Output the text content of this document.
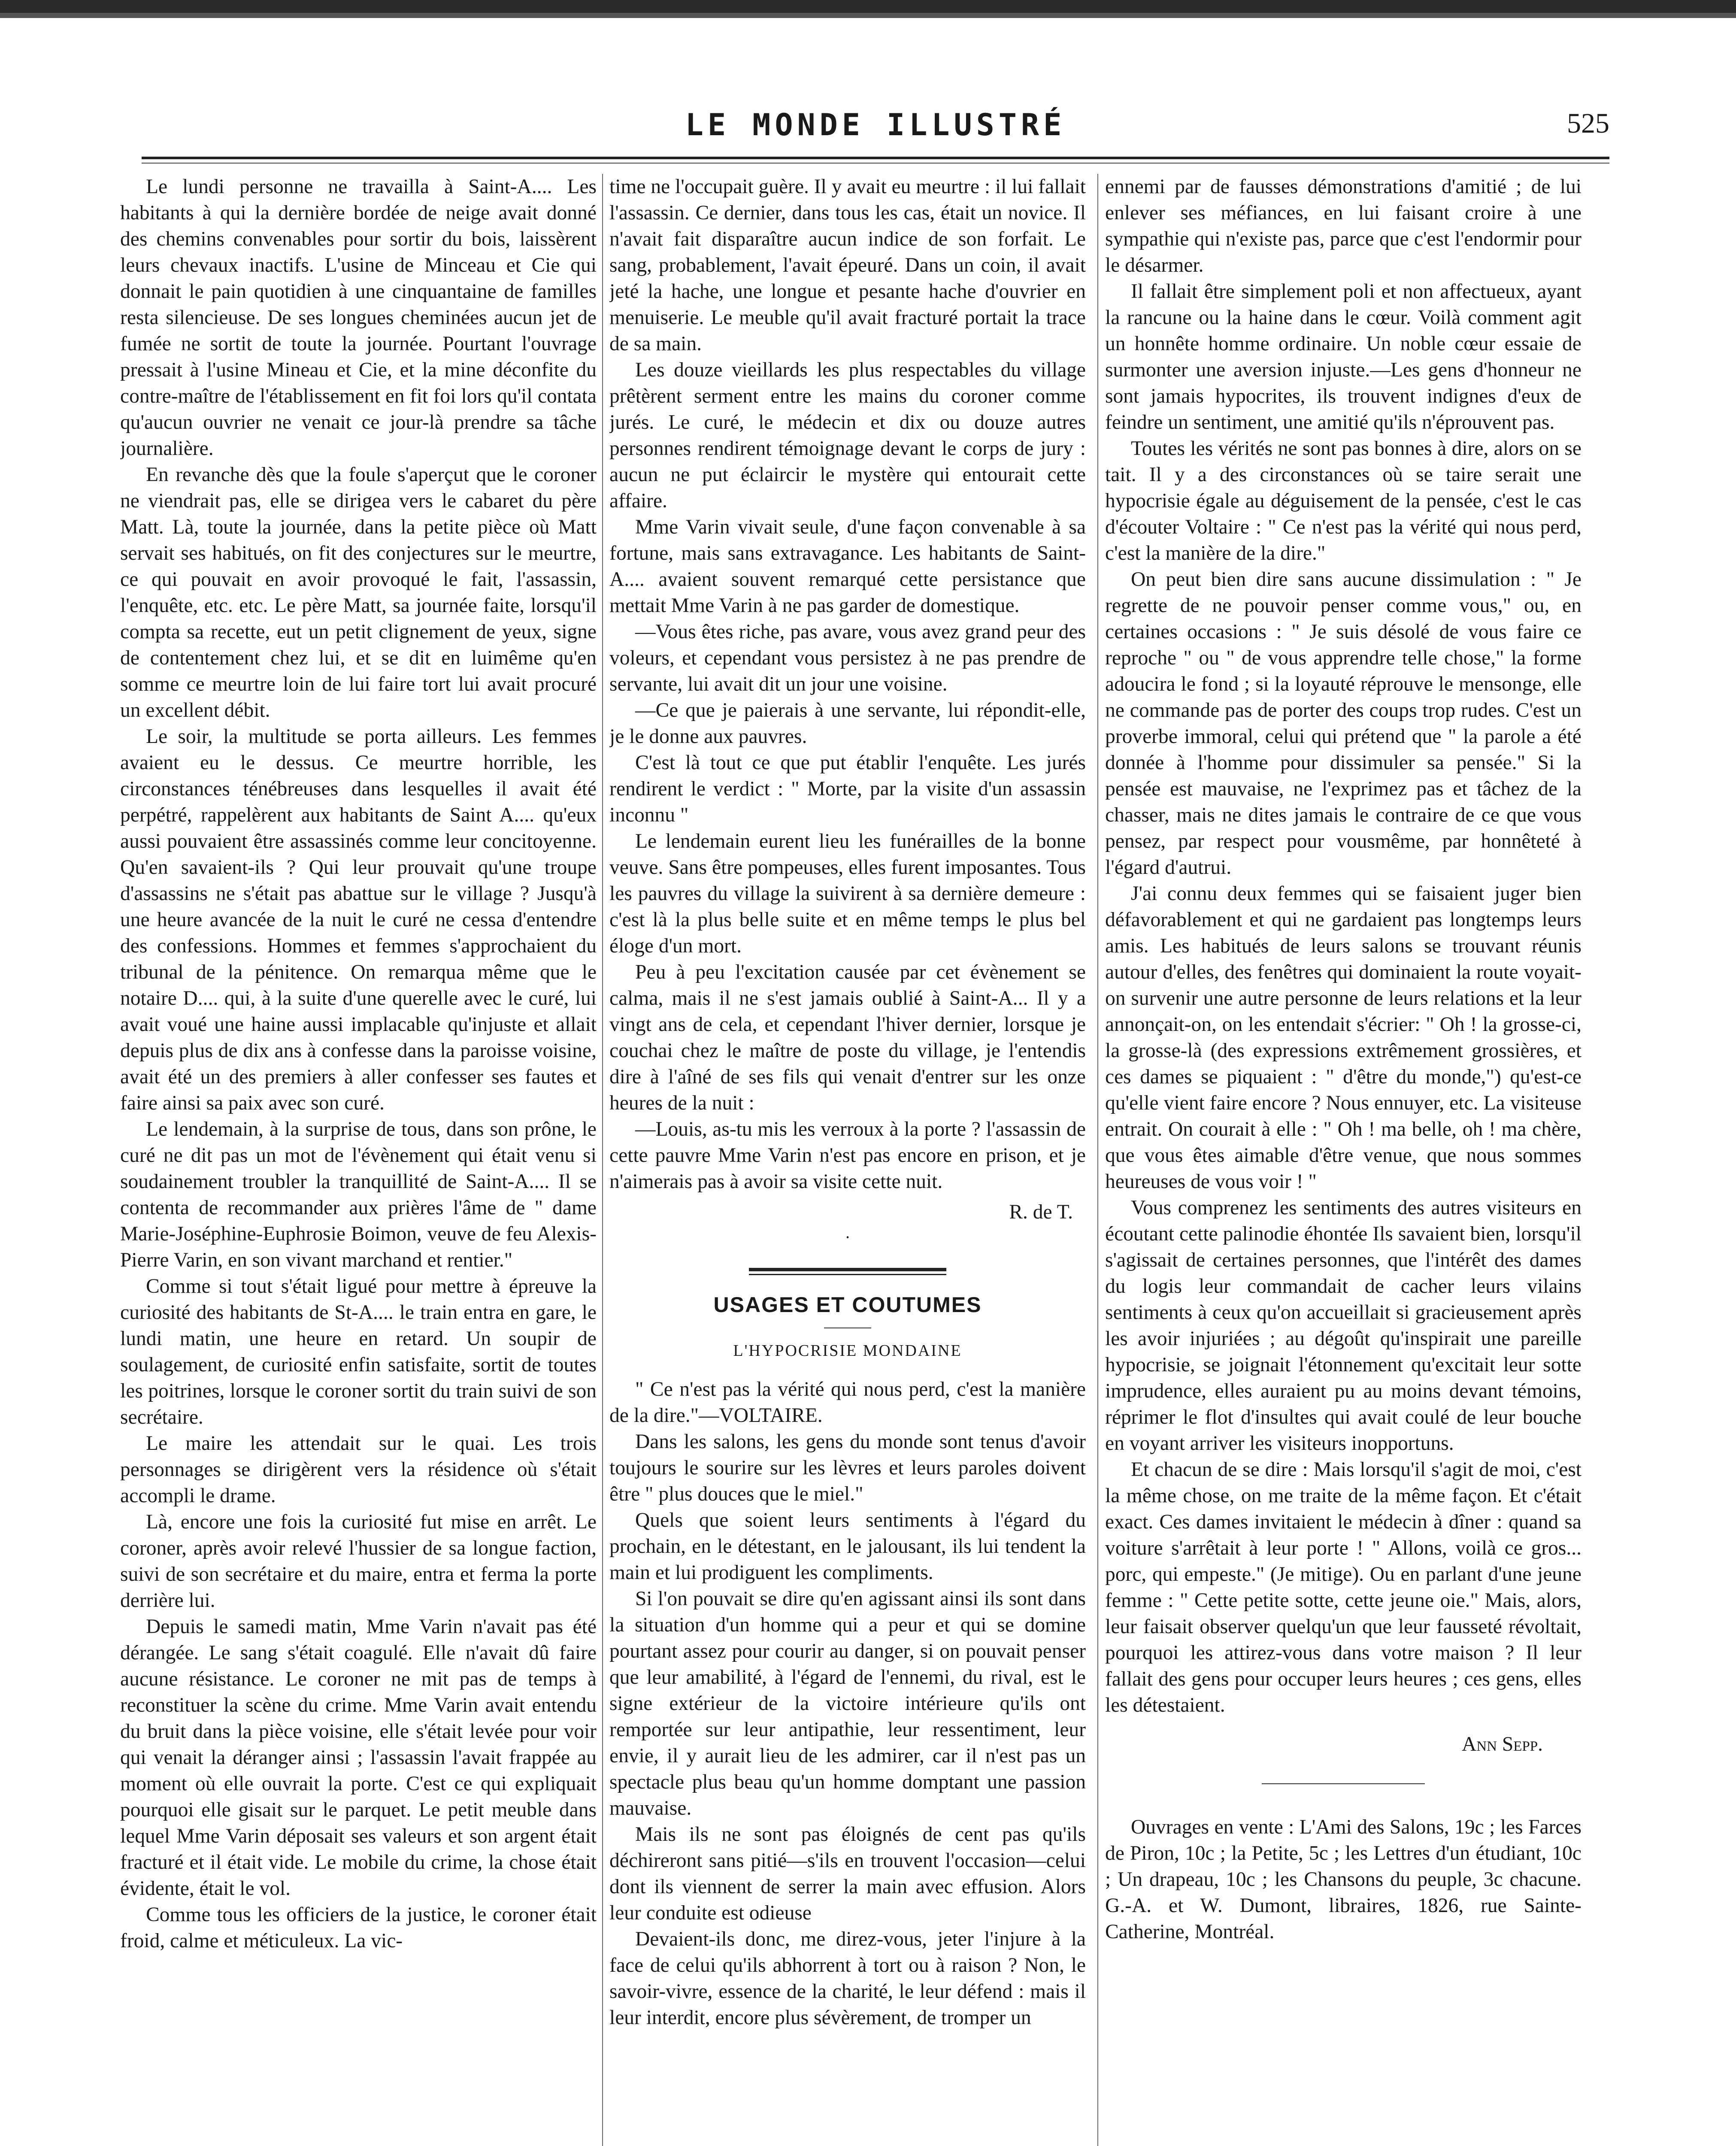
LE MONDE ILLUSTRÉ	525

Le lundi personne ne travailla à Saint-A.... Les habitants à qui la dernière bordée de neige avait donné des chemins convenables pour sortir du bois, laissèrent leurs chevaux inactifs. L'usine de Minceau et Cie qui donnait le pain quotidien à une cinquantaine de familles resta silencieuse. De ses longues cheminées aucun jet de fumée ne sortit de toute la journée. Pourtant l'ouvrage pressait à l'usine Mineau et Cie, et la mine déconfite du contre-maître de l'établissement en fit foi lors qu'il contata qu'aucun ouvrier ne venait ce jour-là prendre sa tâche journalière.

En revanche dès que la foule s'aperçut que le coroner ne viendrait pas, elle se dirigea vers le cabaret du père Matt. Là, toute la journée, dans la petite pièce où Matt servait ses habitués, on fit des conjectures sur le meurtre, ce qui pouvait en avoir provoqué le fait, l'assassin, l'enquête, etc. etc. Le père Matt, sa journée faite, lorsqu'il compta sa recette, eut un petit clignement de yeux, signe de contentement chez lui, et se dit en luimême qu'en somme ce meurtre loin de lui faire tort lui avait procuré un excellent débit.

Le soir, la multitude se porta ailleurs. Les femmes avaient eu le dessus. Ce meurtre horrible, les circonstances ténébreuses dans lesquelles il avait été perpétré, rappelèrent aux habitants de Saint A.... qu'eux aussi pouvaient être assassinés comme leur concitoyenne. Qu'en savaient-ils ? Qui leur prouvait qu'une troupe d'assassins ne s'était pas abattue sur le village ? Jusqu'à une heure avancée de la nuit le curé ne cessa d'entendre des confessions. Hommes et femmes s'approchaient du tribunal de la pénitence. On remarqua même que le notaire D.... qui, à la suite d'une querelle avec le curé, lui avait voué une haine aussi implacable qu'injuste et allait depuis plus de dix ans à confesse dans la paroisse voisine, avait été un des premiers à aller confesser ses fautes et faire ainsi sa paix avec son curé.

Le lendemain, à la surprise de tous, dans son prône, le curé ne dit pas un mot de l'évènement qui était venu si soudainement troubler la tranquillité de Saint-A.... Il se contenta de recommander aux prières l'âme de " dame Marie-Joséphine-Euphrosie Boimon, veuve de feu Alexis-Pierre Varin, en son vivant marchand et rentier."

Comme si tout s'était ligué pour mettre à épreuve la curiosité des habitants de St-A.... le train entra en gare, le lundi matin, une heure en retard. Un soupir de soulagement, de curiosité enfin satisfaite, sortit de toutes les poitrines, lorsque le coroner sortit du train suivi de son secrétaire.

Le maire les attendait sur le quai. Les trois personnages se dirigèrent vers la résidence où s'était accompli le drame.

Là, encore une fois la curiosité fut mise en arrêt. Le coroner, après avoir relevé l'hussier de sa longue faction, suivi de son secrétaire et du maire, entra et ferma la porte derrière lui.

Depuis le samedi matin, Mme Varin n'avait pas été dérangée. Le sang s'était coagulé. Elle n'avait dû faire aucune résistance. Le coroner ne mit pas de temps à reconstituer la scène du crime. Mme Varin avait entendu du bruit dans la pièce voisine, elle s'était levée pour voir qui venait la déranger ainsi ; l'assassin l'avait frappée au moment où elle ouvrait la porte. C'est ce qui expliquait pourquoi elle gisait sur le parquet. Le petit meuble dans lequel Mme Varin déposait ses valeurs et son argent était fracturé et il était vide. Le mobile du crime, la chose était évidente, était le vol.

Comme tous les officiers de la justice, le coroner était froid, calme et méticuleux. La vic-

time ne l'occupait guère. Il y avait eu meurtre : il lui fallait l'assassin. Ce dernier, dans tous les cas, était un novice. Il n'avait fait disparaître aucun indice de son forfait. Le sang, probablement, l'avait épeuré. Dans un coin, il avait jeté la hache, une longue et pesante hache d'ouvrier en menuiserie. Le meuble qu'il avait fracturé portait la trace de sa main.

Les douze vieillards les plus respectables du village prêtèrent serment entre les mains du coroner comme jurés. Le curé, le médecin et dix ou douze autres personnes rendirent témoignage devant le corps de jury : aucun ne put éclaircir le mystère qui entourait cette affaire.

Mme Varin vivait seule, d'une façon convenable à sa fortune, mais sans extravagance. Les habitants de Saint-A.... avaient souvent remarqué cette persistance que mettait Mme Varin à ne pas garder de domestique.

—Vous êtes riche, pas avare, vous avez grand peur des voleurs, et cependant vous persistez à ne pas prendre de servante, lui avait dit un jour une voisine.

—Ce que je paierais à une servante, lui répondit-elle, je le donne aux pauvres.

C'est là tout ce que put établir l'enquête. Les jurés rendirent le verdict : " Morte, par la visite d'un assassin inconnu "

Le lendemain eurent lieu les funérailles de la bonne veuve. Sans être pompeuses, elles furent imposantes. Tous les pauvres du village la suivirent à sa dernière demeure : c'est là la plus belle suite et en même temps le plus bel éloge d'un mort.

Peu à peu l'excitation causée par cet évènement se calma, mais il ne s'est jamais oublié à Saint-A... Il y a vingt ans de cela, et cependant l'hiver dernier, lorsque je couchai chez le maître de poste du village, je l'entendis dire à l'aîné de ses fils qui venait d'entrer sur les onze heures de la nuit :

—Louis, as-tu mis les verroux à la porte ? l'assassin de cette pauvre Mme Varin n'est pas encore en prison, et je n'aimerais pas à avoir sa visite cette nuit.

R. de T.
·
USAGES ET COUTUMES
L'HYPOCRISIE MONDAINE

" Ce n'est pas la vérité qui nous perd, c'est la manière de la dire."—VOLTAIRE.

Dans les salons, les gens du monde sont tenus d'avoir toujours le sourire sur les lèvres et leurs paroles doivent être " plus douces que le miel."

Quels que soient leurs sentiments à l'égard du prochain, en le détestant, en le jalousant, ils lui tendent la main et lui prodiguent les compliments.

Si l'on pouvait se dire qu'en agissant ainsi ils sont dans la situation d'un homme qui a peur et qui se domine pourtant assez pour courir au danger, si on pouvait penser que leur amabilité, à l'égard de l'ennemi, du rival, est le signe extérieur de la victoire intérieure qu'ils ont remportée sur leur antipathie, leur ressentiment, leur envie, il y aurait lieu de les admirer, car il n'est pas un spectacle plus beau qu'un homme domptant une passion mauvaise.

Mais ils ne sont pas éloignés de cent pas qu'ils déchireront sans pitié—s'ils en trouvent l'occasion—celui dont ils viennent de serrer la main avec effusion. Alors leur conduite est odieuse

Devaient-ils donc, me direz-vous, jeter l'injure à la face de celui qu'ils abhorrent à tort ou à raison ? Non, le savoir-vivre, essence de la charité, le leur défend : mais il leur interdit, encore plus sévèrement, de tromper un

ennemi par de fausses démonstrations d'amitié ; de lui enlever ses méfiances, en lui faisant croire à une sympathie qui n'existe pas, parce que c'est l'endormir pour le désarmer.

Il fallait être simplement poli et non affectueux, ayant la rancune ou la haine dans le cœur. Voilà comment agit un honnête homme ordinaire. Un noble cœur essaie de surmonter une aversion injuste.—Les gens d'honneur ne sont jamais hypocrites, ils trouvent indignes d'eux de feindre un sentiment, une amitié qu'ils n'éprouvent pas.

Toutes les vérités ne sont pas bonnes à dire, alors on se tait. Il y a des circonstances où se taire serait une hypocrisie égale au déguisement de la pensée, c'est le cas d'écouter Voltaire : " Ce n'est pas la vérité qui nous perd, c'est la manière de la dire."

On peut bien dire sans aucune dissimulation : " Je regrette de ne pouvoir penser comme vous," ou, en certaines occasions : " Je suis désolé de vous faire ce reproche " ou " de vous apprendre telle chose," la forme adoucira le fond ; si la loyauté réprouve le mensonge, elle ne commande pas de porter des coups trop rudes. C'est un proverbe immoral, celui qui prétend que " la parole a été donnée à l'homme pour dissimuler sa pensée." Si la pensée est mauvaise, ne l'exprimez pas et tâchez de la chasser, mais ne dites jamais le contraire de ce que vous pensez, par respect pour vousmême, par honnêteté à l'égard d'autrui.

J'ai connu deux femmes qui se faisaient juger bien défavorablement et qui ne gardaient pas longtemps leurs amis. Les habitués de leurs salons se trouvant réunis autour d'elles, des fenêtres qui dominaient la route voyait-on survenir une autre personne de leurs relations et la leur annonçait-on, on les entendait s'écrier: " Oh ! la grosse-ci, la grosse-là (des expressions extrêmement grossières, et ces dames se piquaient : " d'être du monde,") qu'est-ce qu'elle vient faire encore ? Nous ennuyer, etc. La visiteuse entrait. On courait à elle : " Oh ! ma belle, oh ! ma chère, que vous êtes aimable d'être venue, que nous sommes heureuses de vous voir ! "

Vous comprenez les sentiments des autres visiteurs en écoutant cette palinodie éhontée Ils savaient bien, lorsqu'il s'agissait de certaines personnes, que l'intérêt des dames du logis leur commandait de cacher leurs vilains sentiments à ceux qu'on accueillait si gracieusement après les avoir injuriées ; au dégoût qu'inspirait une pareille hypocrisie, se joignait l'étonnement qu'excitait leur sotte imprudence, elles auraient pu au moins devant témoins, réprimer le flot d'insultes qui avait coulé de leur bouche en voyant arriver les visiteurs inopportuns.

Et chacun de se dire : Mais lorsqu'il s'agit de moi, c'est la même chose, on me traite de la même façon. Et c'était exact. Ces dames invitaient le médecin à dîner : quand sa voiture s'arrêtait à leur porte ! " Allons, voilà ce gros... porc, qui empeste." (Je mitige). Ou en parlant d'une jeune femme : " Cette petite sotte, cette jeune oie." Mais, alors, leur faisait observer quelqu'un que leur fausseté révoltait, pourquoi les attirez-vous dans votre maison ? Il leur fallait des gens pour occuper leurs heures ; ces gens, elles les détestaient.

Ann Sepp.

Ouvrages en vente : L'Ami des Salons, 19c ; les Farces de Piron, 10c ; la Petite, 5c ; les Lettres d'un étudiant, 10c ; Un drapeau, 10c ; les Chansons du peuple, 3c chacune. G.-A. et W. Dumont, libraires, 1826, rue Sainte-Catherine, Montréal.
